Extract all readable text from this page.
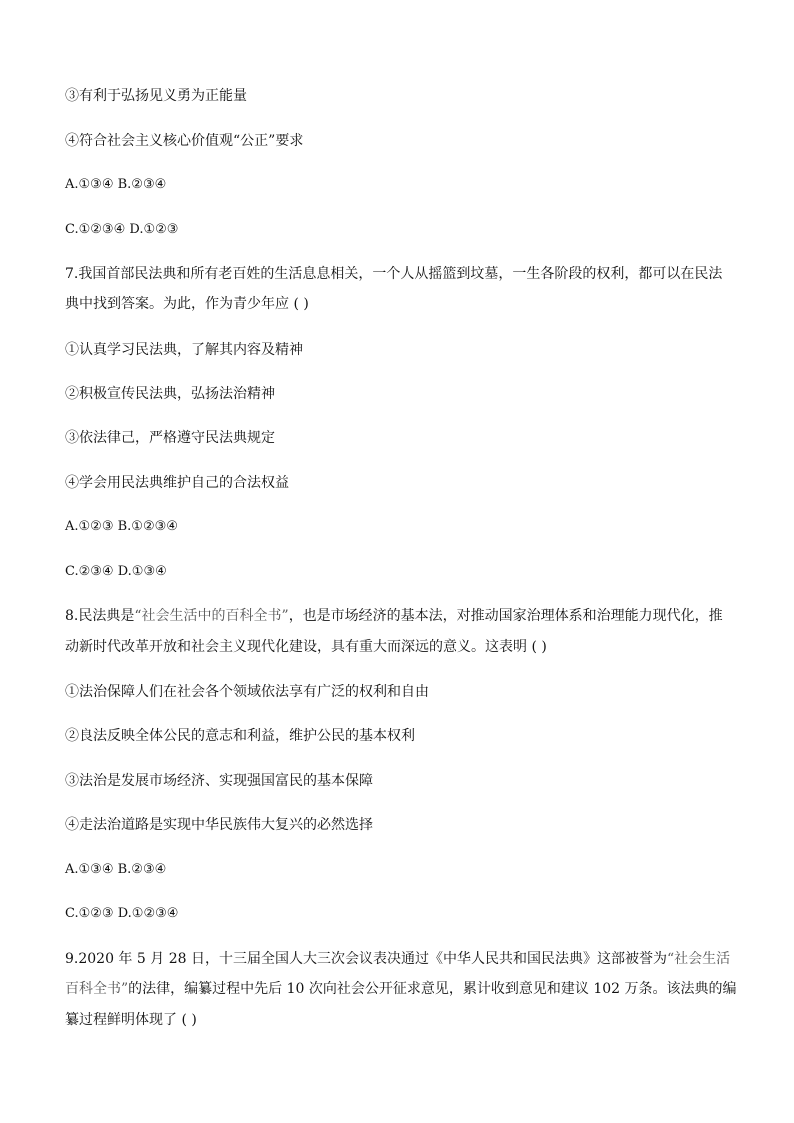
③有利于弘扬见义勇为正能量
④符合社会主义核心价值观“公正”要求
A.①③④ B.②③④
C.①②③④ D.①②③
7.我国首部民法典和所有老百姓的生活息息相关，一个人从摇篮到坟墓，一生各阶段的权利，都可以在民法
典中找到答案。为此，作为青少年应 ( )
①认真学习民法典，了解其内容及精神
②积极宣传民法典，弘扬法治精神
③依法律己，严格遵守民法典规定
④学会用民法典维护自己的合法权益
A.①②③ B.①②③④
C.②③④ D.①③④
8.民法典是“社会生活中的百科全书”，也是市场经济的基本法，对推动国家治理体系和治理能力现代化，推
动新时代改革开放和社会主义现代化建设，具有重大而深远的意义。这表明 ( )
①法治保障人们在社会各个领域依法享有广泛的权利和自由
②良法反映全体公民的意志和利益，维护公民的基本权利
③法治是发展市场经济、实现强国富民的基本保障
④走法治道路是实现中华民族伟大复兴的必然选择
A.①③④ B.②③④
C.①②③ D.①②③④
9.2020 年 5 月 28 日，十三届全国人大三次会议表决通过《中华人民共和国民法典》这部被誉为“社会生活
百科全书”的法律，编纂过程中先后 10 次向社会公开征求意见，累计收到意见和建议 102 万条。该法典的编
纂过程鲜明体现了 ( )
